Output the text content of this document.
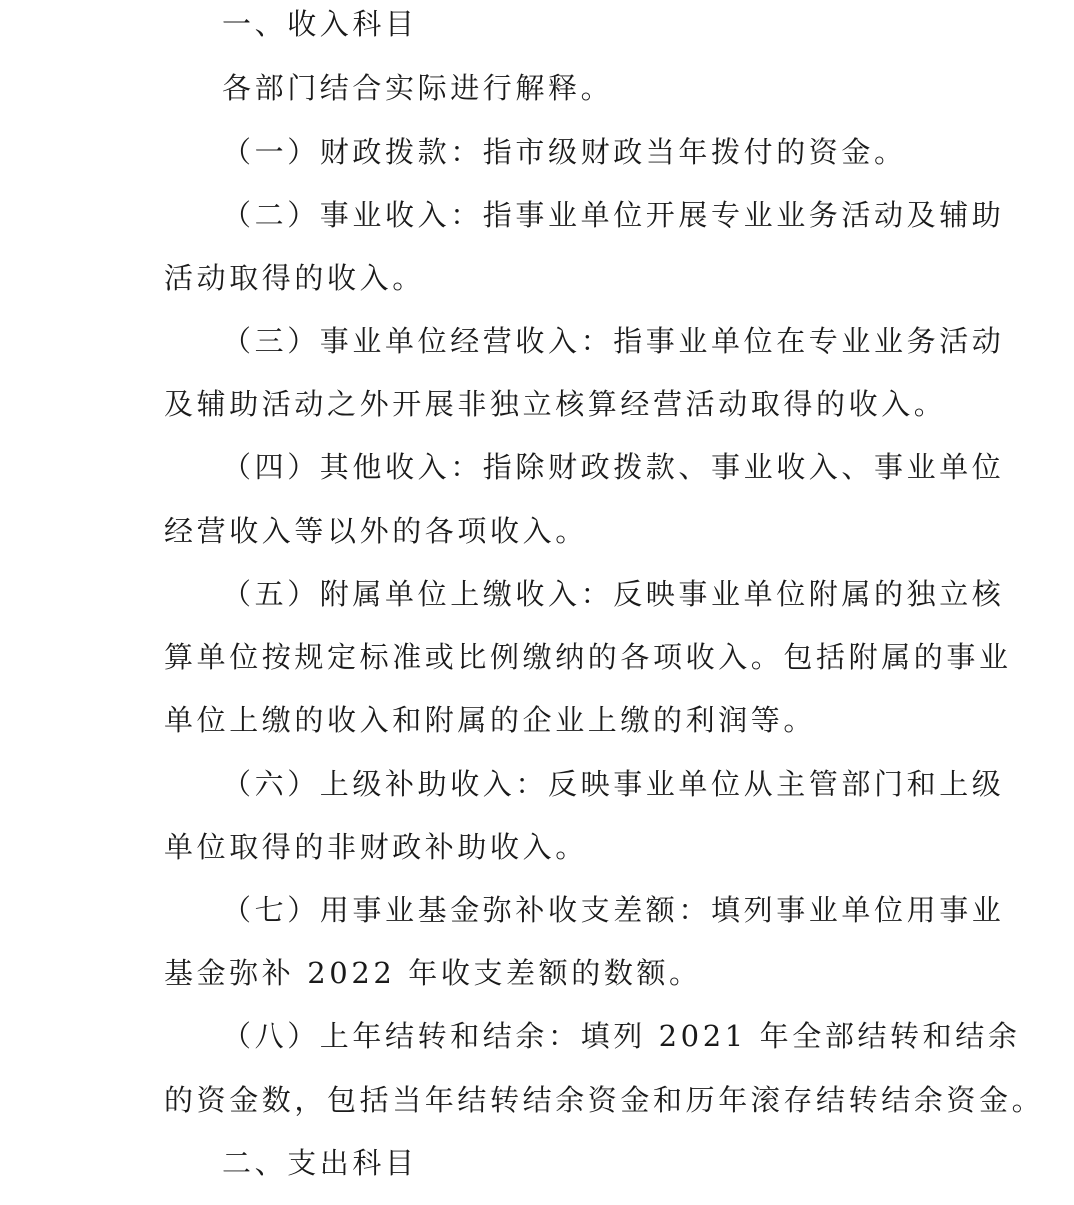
一、收入科目
各部门结合实际进行解释。
（一）财政拨款：指市级财政当年拨付的资金。
（二）事业收入：指事业单位开展专业业务活动及辅助
活动取得的收入。
（三）事业单位经营收入：指事业单位在专业业务活动
及辅助活动之外开展非独立核算经营活动取得的收入。
（四）其他收入：指除财政拨款、事业收入、事业单位
经营收入等以外的各项收入。
（五）附属单位上缴收入：反映事业单位附属的独立核
算单位按规定标准或比例缴纳的各项收入。包括附属的事业
单位上缴的收入和附属的企业上缴的利润等。
（六）上级补助收入：反映事业单位从主管部门和上级
单位取得的非财政补助收入。
（七）用事业基金弥补收支差额：填列事业单位用事业
基金弥补 2022 年收支差额的数额。
（八）上年结转和结余：填列 2021 年全部结转和结余
的资金数，包括当年结转结余资金和历年滚存结转结余资金。
二、支出科目
